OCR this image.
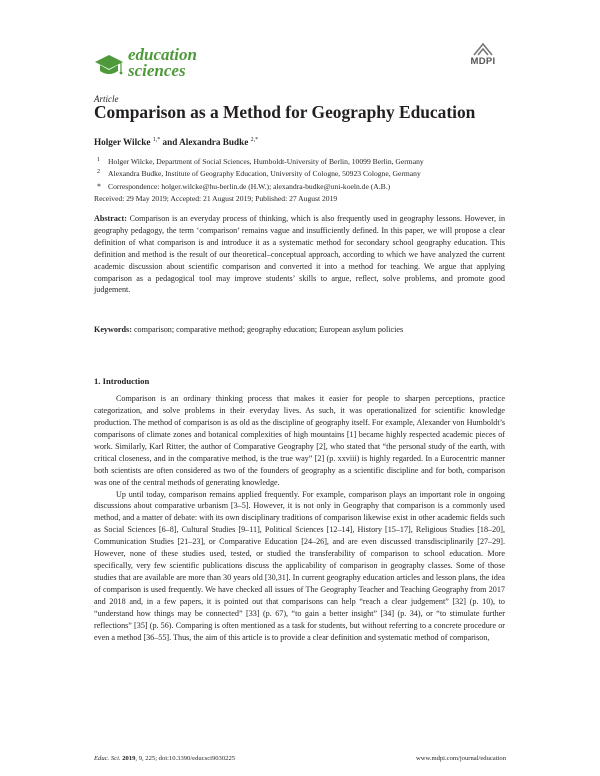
education
sciences	MDPI
Article
Comparison as a Method for Geography Education
Holger Wilcke $^{1,*}$ and Alexandra Budke $^{2,*}$
1 Holger Wilcke, Department of Social Sciences, Humboldt-University of Berlin, 10099 Berlin, Germany
2 Alexandra Budke, Institute of Geography Education, University of Cologne, 50923 Cologne, Germany
* Correspondence: holger.wilcke@hu-berlin.de (H.W.); alexandra-budke@uni-koeln.de (A.B.)
Received: 29 May 2019; Accepted: 21 August 2019; Published: 27 August 2019
Abstract: Comparison is an everyday process of thinking, which is also frequently used in geography lessons. However, in geography pedagogy, the term ‘comparison’ remains vague and insufficiently defined. In this paper, we will propose a clear definition of what comparison is and introduce it as a systematic method for secondary school geography education. This definition and method is the result of our theoretical–conceptual approach, according to which we have analyzed the current academic discussion about scientific comparison and converted it into a method for teaching. We argue that applying comparison as a pedagogical tool may improve students’ skills to argue, reflect, solve problems, and promote good judgement.
Keywords: comparison; comparative method; geography education; European asylum policies
1. Introduction

Comparison is an ordinary thinking process that makes it easier for people to sharpen perceptions, practice categorization, and solve problems in their everyday lives. As such, it was operationalized for scientific knowledge production. The method of comparison is as old as the discipline of geography itself. For example, Alexander von Humboldt’s comparisons of climate zones and botanical complexities of high mountains [1] became highly respected academic pieces of work. Similarly, Karl Ritter, the author of Comparative Geography [2], who stated that “the personal study of the earth, with critical closeness, and in the comparative method, is the true way” [2] (p. xxviii) is highly regarded. In a Eurocentric manner both scientists are often considered as two of the founders of geography as a scientific discipline and for both, comparison was one of the central methods of generating knowledge.

Up until today, comparison remains applied frequently. For example, comparison plays an important role in ongoing discussions about comparative urbanism [3–5]. However, it is not only in Geography that comparison is a commonly used method, and a matter of debate: with its own disciplinary traditions of comparison likewise exist in other academic fields such as Social Sciences [6–8], Cultural Studies [9–11], Political Sciences [12–14], History [15–17], Religious Studies [18–20], Communication Studies [21–23], or Comparative Education [24–26], and are even discussed transdisciplinarily [27–29]. However, none of these studies used, tested, or studied the transferability of comparison to school education. More specifically, very few scientific publications discuss the applicability of comparison in geography classes. Some of those studies that are available are more than 30 years old [30,31]. In current geography education articles and lesson plans, the idea of comparison is used frequently. We have checked all issues of The Geography Teacher and Teaching Geography from 2017 and 2018 and, in a few papers, it is pointed out that comparisons can help “reach a clear judgement” [32] (p. 10), to “understand how things may be connected” [33] (p. 67), “to gain a better insight” [34] (p. 34), or “to stimulate further reflections” [35] (p. 56). Comparing is often mentioned as a task for students, but without referring to a concrete procedure or even a method [36–55]. Thus, the aim of this article is to provide a clear definition and systematic method of comparison,

Educ. Sci. 2019, 9, 225; doi:10.3390/educsci9030225	www.mdpi.com/journal/education
